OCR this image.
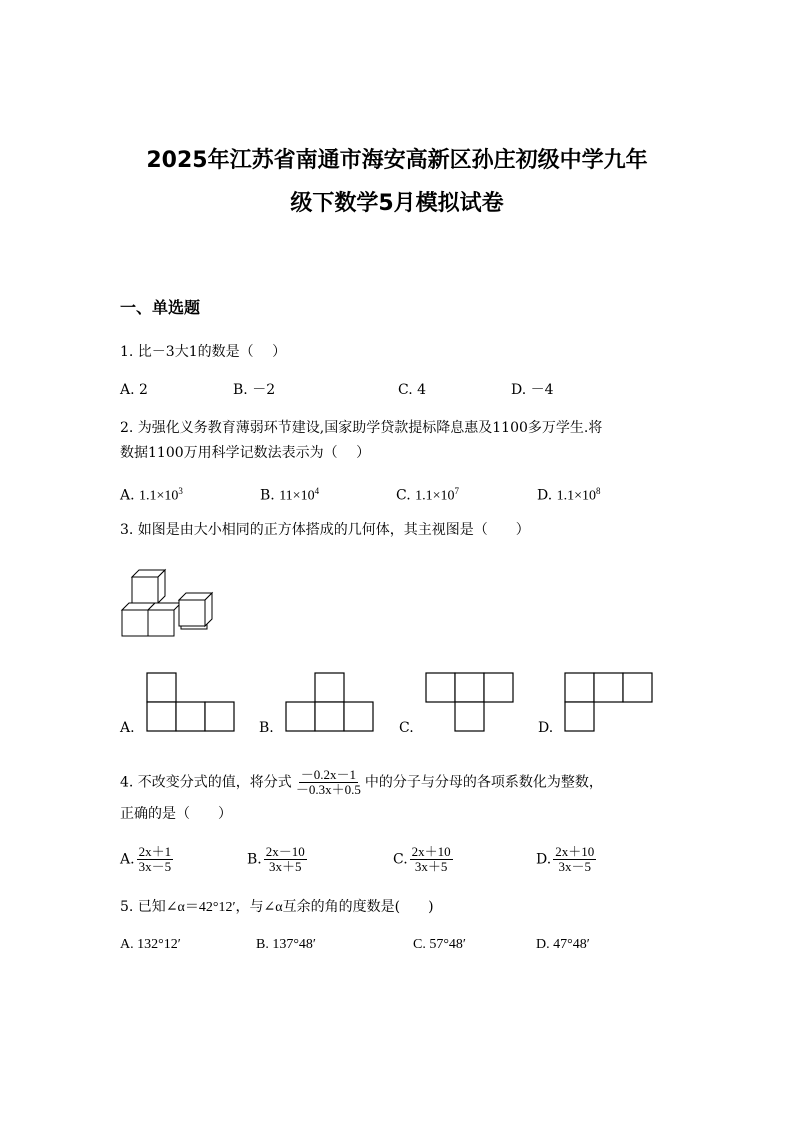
2025年江苏省南通市海安高新区孙庄初级中学九年
级下数学5月模拟试卷
一、单选题
1. 比－3大1的数是（　 ）
A. 2	B. －2	C. 4	D. －4
2. 为强化义务教育薄弱环节建设,国家助学贷款提标降息惠及1100多万学生.将
数据1100万用科学记数法表示为（　 ）
A. $1.1\times 10^3$	B. $11\times 10^4$	C. $1.1\times 10^7$	D. $1.1\times 10^8$
3. 如图是由大小相同的正方体搭成的几何体，其主视图是（　　）
A.	B.	C.	D.
4. 不改变分式的值，将分式 $\frac{-0.2x-1}{-0.3x+0.5}$ 中的分子与分母的各项系数化为整数，
正确的是（　　）
A. $\frac{2x+1}{3x-5}$	B. $\frac{2x-10}{3x+5}$	C. $\frac{2x+10}{3x+5}$	D. $\frac{2x+10}{3x-5}$
5. 已知∠α＝42°12′，与∠α互余的角的度数是(　　)
A. 132°12′	B. 137°48′	C. 57°48′	D. 47°48′
